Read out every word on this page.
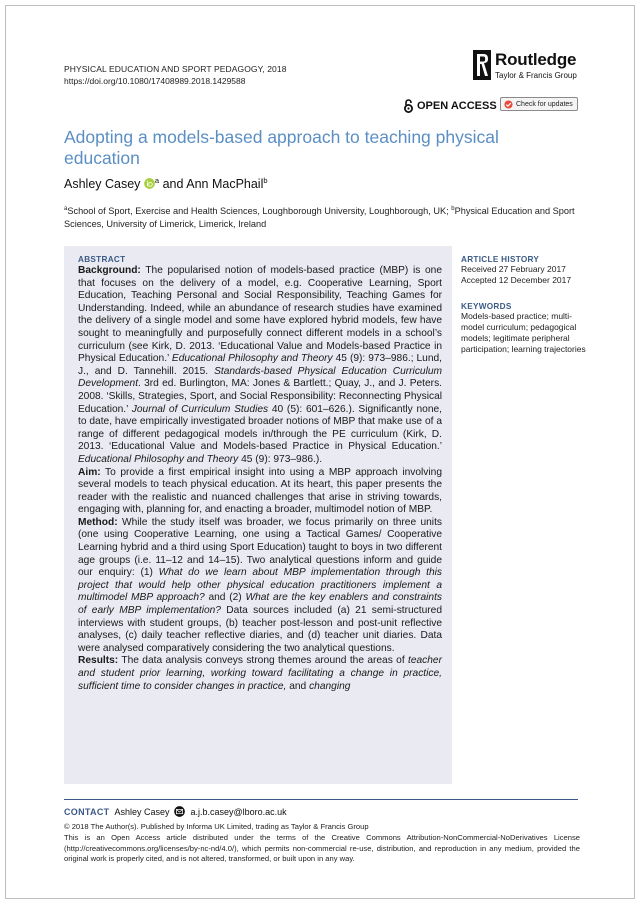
PHYSICAL EDUCATION AND SPORT PEDAGOGY, 2018
https://doi.org/10.1080/17408989.2018.1429588
Routledge
Taylor & Francis Group
OPEN ACCESS	Check for updates
Adopting a models-based approach to teaching physical education
Ashley Casey $^a$ and Ann MacPhail$^b$
$^a$School of Sport, Exercise and Health Sciences, Loughborough University, Loughborough, UK; $^b$Physical Education and Sport Sciences, University of Limerick, Limerick, Ireland
ABSTRACT

Background: The popularised notion of models-based practice (MBP) is one that focuses on the delivery of a model, e.g. Cooperative Learning, Sport Education, Teaching Personal and Social Responsibility, Teaching Games for Understanding. Indeed, while an abundance of research studies have examined the delivery of a single model and some have explored hybrid models, few have sought to meaningfully and purposefully connect different models in a school’s curriculum (see Kirk, D. 2013. ‘Educational Value and Models-based Practice in Physical Education.’ Educational Philosophy and Theory 45 (9): 973–986.; Lund, J., and D. Tannehill. 2015. Standards-based Physical Education Curriculum Development. 3rd ed. Burlington, MA: Jones & Bartlett.; Quay, J., and J. Peters. 2008. ‘Skills, Strategies, Sport, and Social Responsibility: Reconnecting Physical Education.’ Journal of Curriculum Studies 40 (5): 601–626.). Significantly none, to date, have empirically investigated broader notions of MBP that make use of a range of different pedagogical models in/through the PE curriculum (Kirk, D. 2013. ‘Educational Value and Models-based Practice in Physical Education.’ Educational Philosophy and Theory 45 (9): 973–986.).

Aim: To provide a first empirical insight into using a MBP approach involving several models to teach physical education. At its heart, this paper presents the reader with the realistic and nuanced challenges that arise in striving towards, engaging with, planning for, and enacting a broader, multimodel notion of MBP.

Method: While the study itself was broader, we focus primarily on three units (one using Cooperative Learning, one using a Tactical Games/ Cooperative Learning hybrid and a third using Sport Education) taught to boys in two different age groups (i.e. 11–12 and 14–15). Two analytical questions inform and guide our enquiry: (1) What do we learn about MBP implementation through this project that would help other physical education practitioners implement a multimodel MBP approach? and (2) What are the key enablers and constraints of early MBP implementation? Data sources included (a) 21 semi-structured interviews with student groups, (b) teacher post-lesson and post-unit reflective analyses, (c) daily teacher reflective diaries, and (d) teacher unit diaries. Data were analysed comparatively considering the two analytical questions.

Results: The data analysis conveys strong themes around the areas of teacher and student prior learning, working toward facilitating a change in practice, sufficient time to consider changes in practice, and changing

ARTICLE HISTORY
Received 27 February 2017
Accepted 12 December 2017
KEYWORDS
Models-based practice; multi-model curriculum; pedagogical models; legitimate peripheral participation; learning trajectories
CONTACT Ashley Casey a.j.b.casey@lboro.ac.uk
© 2018 The Author(s). Published by Informa UK Limited, trading as Taylor & Francis Group
This is an Open Access article distributed under the terms of the Creative Commons Attribution-NonCommercial-NoDerivatives License (http://creativecommons.org/licenses/by-nc-nd/4.0/), which permits non-commercial re-use, distribution, and reproduction in any medium, provided the original work is properly cited, and is not altered, transformed, or built upon in any way.
